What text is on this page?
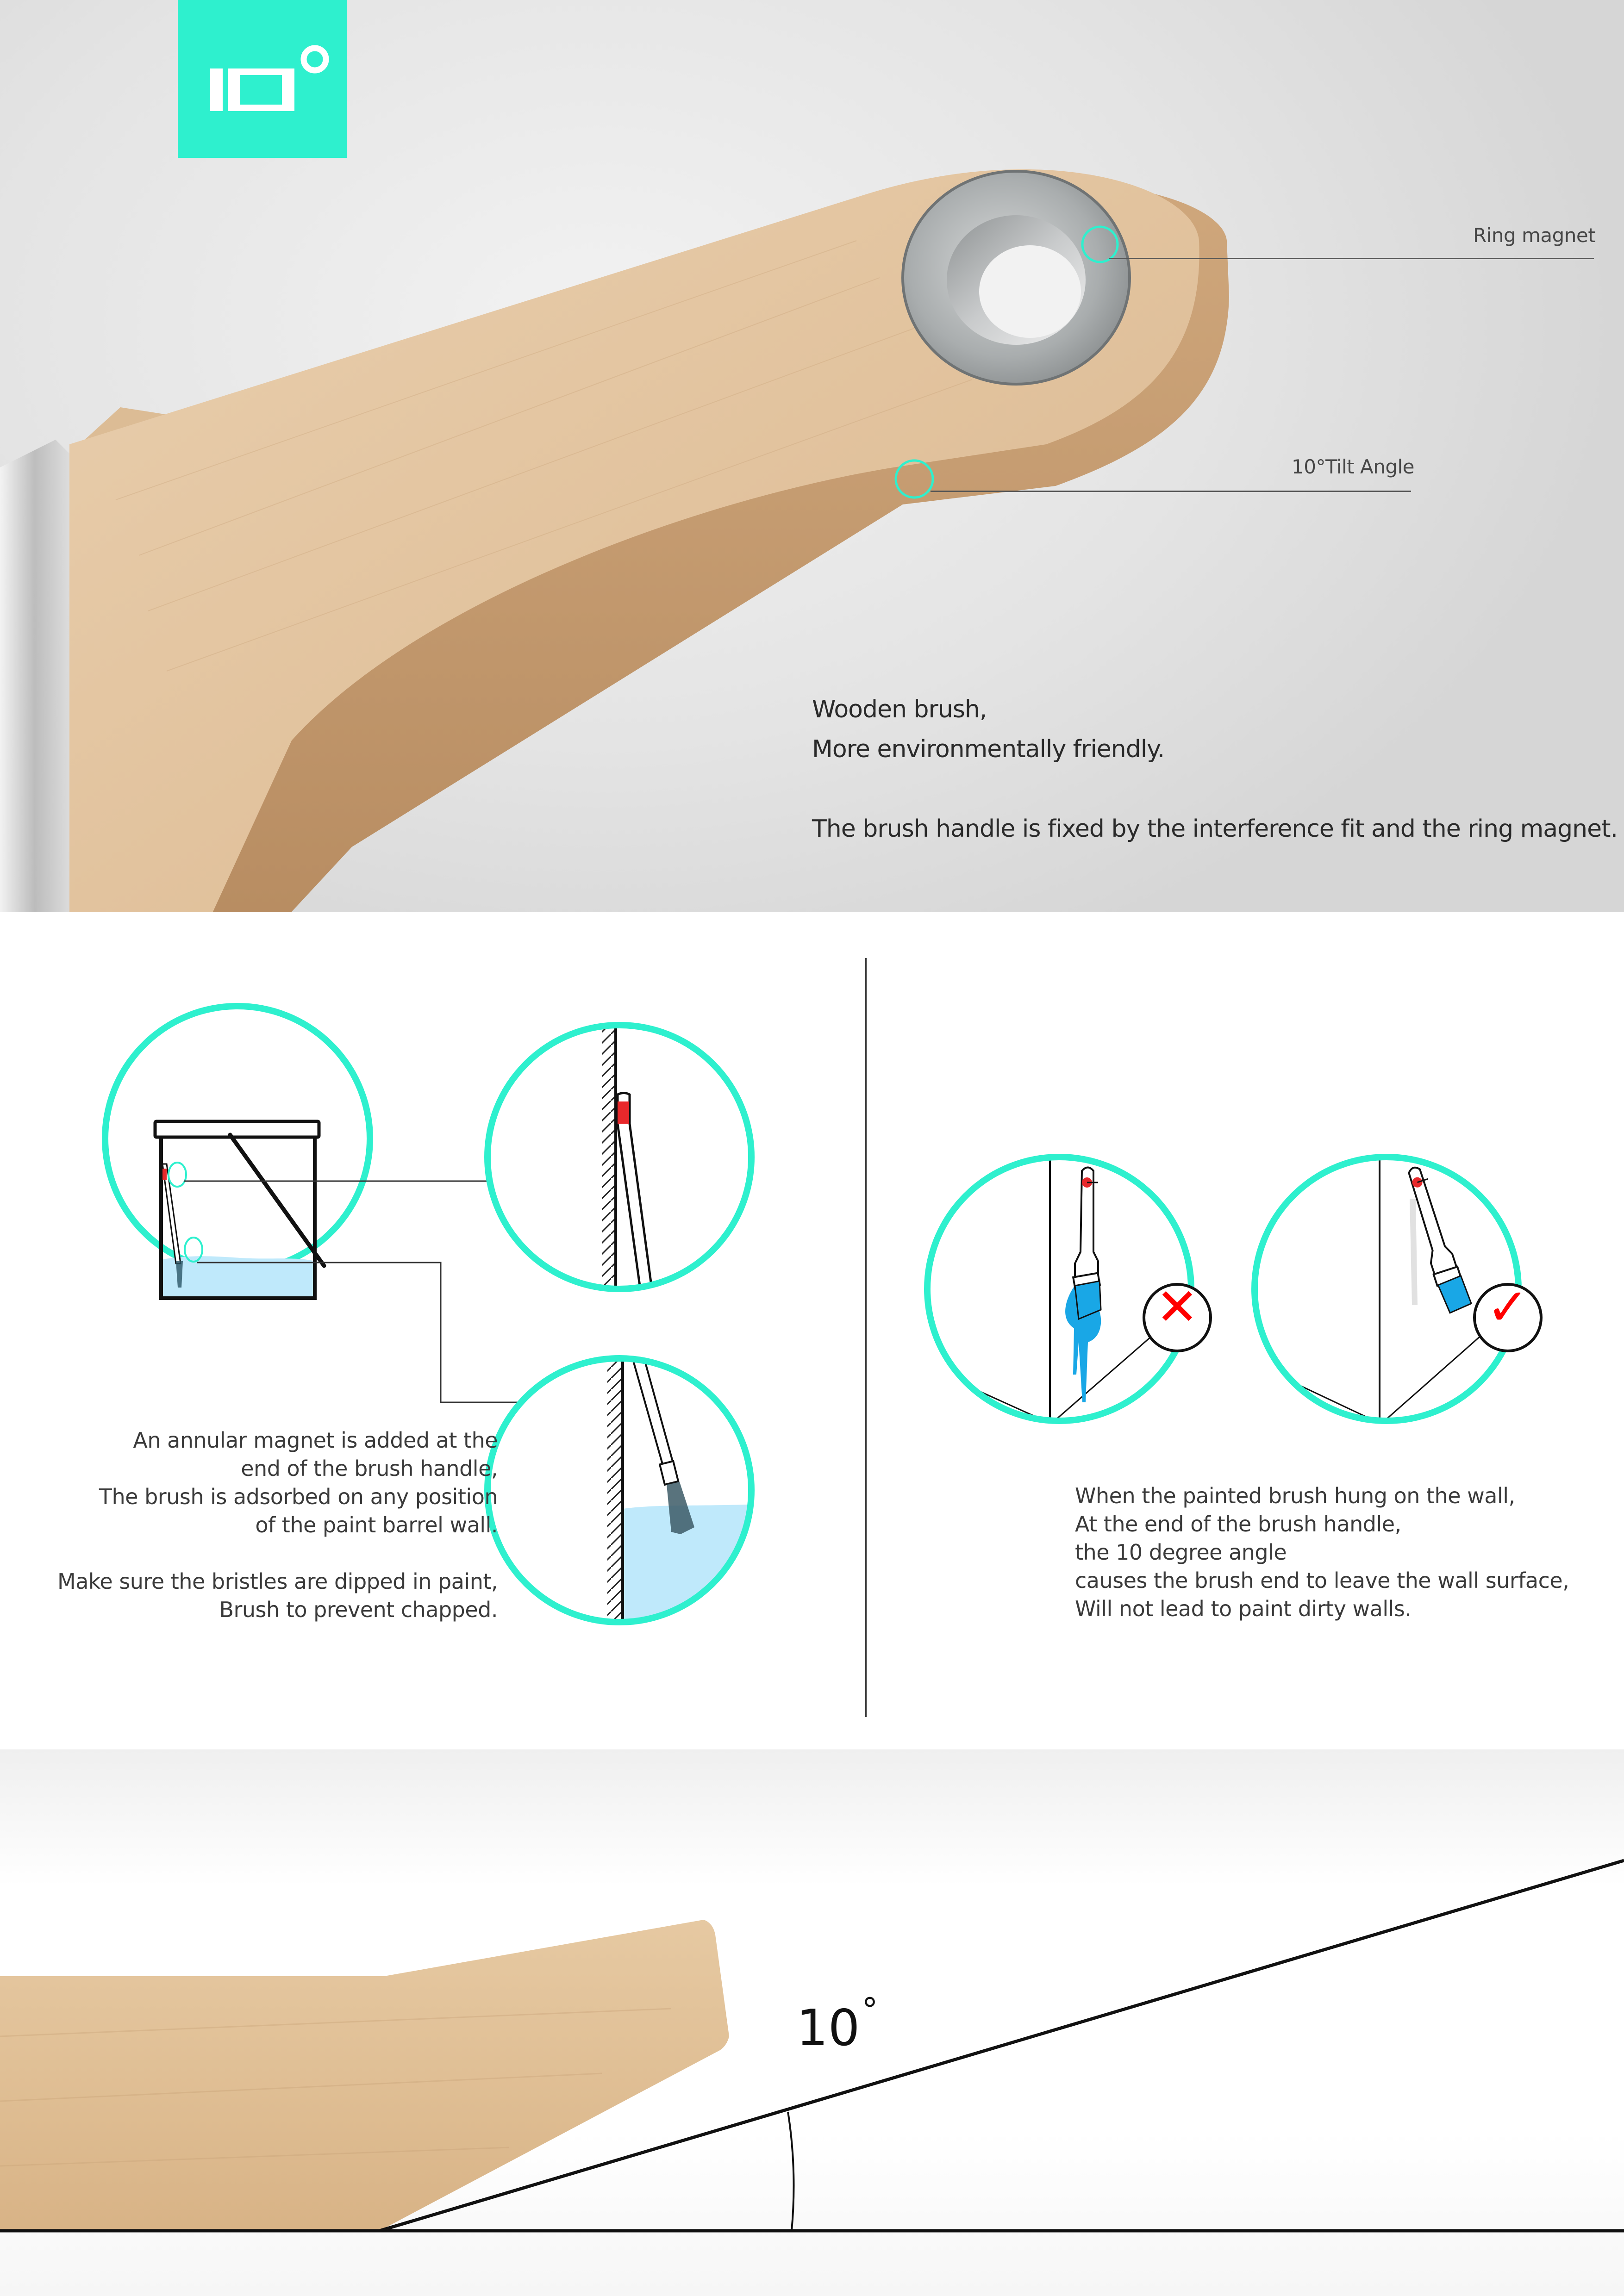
Ring magnet
10°Tilt Angle
Wooden brush,
More environmentally friendly.
The brush handle is fixed by the interference fit and the ring magnet.
✕	✓
An annular magnet is added at the
end of the brush handle,
The brush is adsorbed on any position
of the paint barrel wall.
Make sure the bristles are dipped in paint,
Brush to prevent chapped.
When the painted brush hung on the wall,
At the end of the brush handle,
the 10 degree angle
causes the brush end to leave the wall surface,
Will not lead to paint dirty walls.
10°
